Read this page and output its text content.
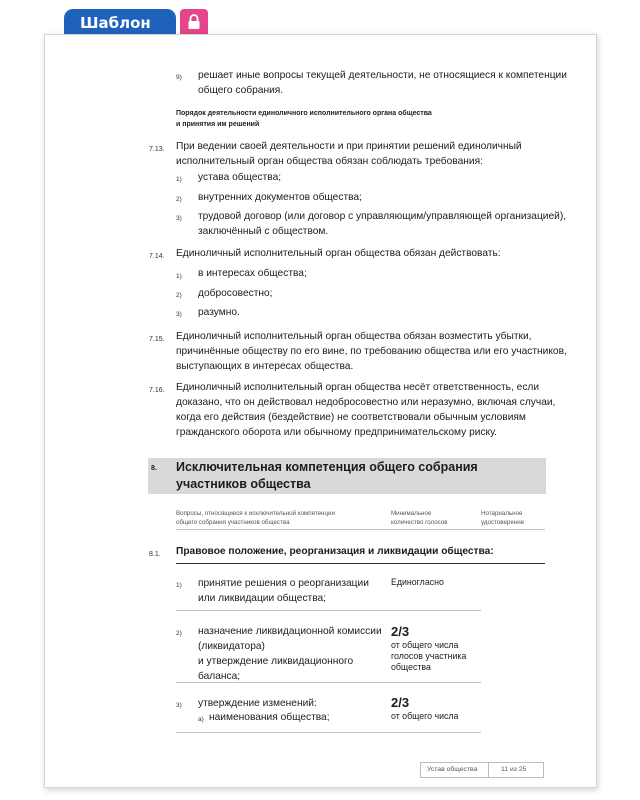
Шаблон
9) решает иные вопросы текущей деятельности, не относящиеся к компетенции
общего собрания.
Порядок деятельности единоличного исполнительного органа общества
и принятия им решений
7.13. При ведении своей деятельности и при принятии решений единоличный
исполнительный орган общества обязан соблюдать требования:
1) устава общества;
2) внутренних документов общества;
3) трудовой договор (или договор с управляющим/управляющей организацией),
заключённый с обществом.
7.14. Единоличный исполнительный орган общества обязан действовать:
1) в интересах общества;
2) добросовестно;
3) разумно.
7.15. Единоличный исполнительный орган общества обязан возместить убытки,
причинённые обществу по его вине, по требованию общества или его участников,
выступающих в интересах общества.
7.16. Единоличный исполнительный орган общества несёт ответственность, если
доказано, что он действовал недобросовестно или неразумно, включая случаи,
когда его действия (бездействие) не соответствовали обычным условиям
гражданского оборота или обычному предпринимательскому риску.
8. Исключительная компетенция общего собрания
участников общества
Вопросы, относящиеся к исключительной компетенции
общего собрания участников общества
Минимальное
количество голосов
Нотариальное
удостоверение
8.1. Правовое положение, реорганизация и ликвидации общества:
1) принятие решения о реорганизации
или ликвидации общества;
Единогласно
2) назначение ликвидационной комиссии
(ликвидатора)
и утверждение ликвидационного баланса;
2/3
от общего числа
голосов участника
общества
3) утверждение изменений:
а) наименования общества;
2/3
от общего числа
Устав общества	11 из 25
